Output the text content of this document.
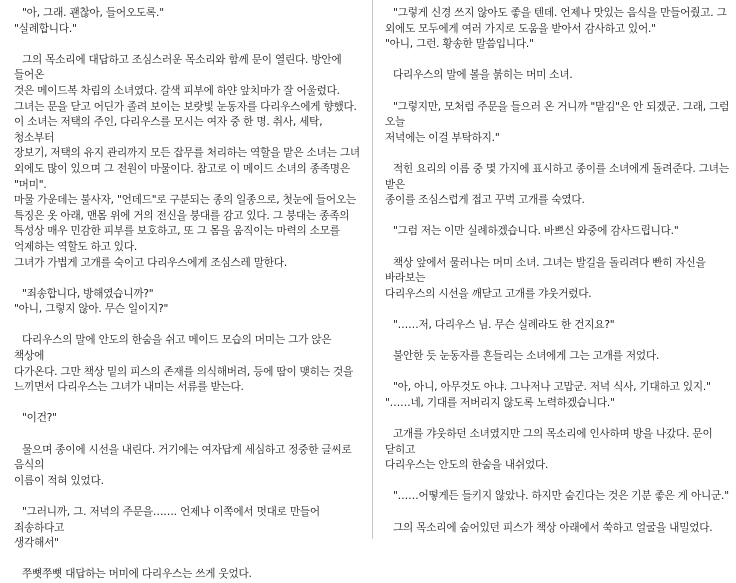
"아, 그래. 괜찮아, 들어오도록."
"실례합니다."

그의 목소리에 대답하고 조심스러운 목소리와 함께 문이 열린다. 방안에 들어온
것은 메이드복 차림의 소녀였다. 갈색 피부에 하얀 앞치마가 잘 어울렸다.
그녀는 문을 닫고 어딘가 졸려 보이는 보랏빛 눈동자를 다리우스에게 향했다.
이 소녀는 저택의 주인, 다리우스를 모시는 여자 중 한 명. 취사, 세탁, 청소부터
장보기, 저택의 유지 관리까지 모든 잡무를 처리하는 역할을 맡은 소녀는 그녀
외에도 많이 있으며 그 전원이 마물이다. 참고로 이 메이드 소녀의 종족명은 "머미".
마물 가운데는 불사자, "언데드"로 구분되는 종의 일종으로, 첫눈에 들어오는
특징은 옷 아래, 맨몸 위에 거의 전신을 붕대를 감고 있다. 그 붕대는 종족의
특성상 매우 민감한 피부를 보호하고, 또 그 몸을 움직이는 마력의 소모를
억제하는 역할도 하고 있다.
그녀가 가볍게 고개를 숙이고 다리우스에게 조심스레 말한다.

"죄송합니다, 방해였습니까?"
"아니, 그렇지 않아. 무슨 일이지?"

다리우스의 말에 안도의 한숨을 쉬고 메이드 모습의 머미는 그가 앉은 책상에
다가온다. 그만 책상 밑의 피스의 존재를 의식해버려, 등에 땀이 맺히는 것을
느끼면서 다리우스는 그녀가 내미는 서류를 받는다.

"이건?"

물으며 종이에 시선을 내린다. 거기에는 여자답게 세심하고 정중한 글씨로 음식의
이름이 적혀 있었다.

"그러니까, 그. 저녁의 주문을……. 언제나 이쪽에서 멋대로 만들어 죄송하다고
생각해서"

쭈뼛쭈뼛 대답하는 머미에 다리우스는 쓰게 웃었다.

"그렇게 신경 쓰지 않아도 좋을 텐데. 언제나 맛있는 음식을 만들어줬고. 그
외에도 모두에게 여러 가지로 도움을 받아서 감사하고 있어."
"아니, 그런. 황송한 말씀입니다."

다리우스의 말에 볼을 붉히는 머미 소녀.

"그렇지만, 모처럼 주문을 들으러 온 거니까 "맡김"은 안 되겠군. 그래, 그럼 오늘
저녁에는 이걸 부탁하지."

적힌 요리의 이름 중 몇 가지에 표시하고 종이를 소녀에게 돌려준다. 그녀는 받은
종이를 조심스럽게 접고 꾸벅 고개를 숙였다.

"그럼 저는 이만 실례하겠습니다. 바쁘신 와중에 감사드립니다."

책상 앞에서 물러나는 머미 소녀. 그녀는 발길을 돌리려다 빤히 자신을 바라보는
다리우스의 시선을 깨닫고 고개를 갸웃거렸다.

"……저, 다리우스 님. 무슨 실례라도 한 건지요?"

불안한 듯 눈동자를 흔들리는 소녀에게 그는 고개를 저었다.

"아, 아니, 아무것도 아냐. 그나저나 고맙군. 저녁 식사, 기대하고 있지."
"……네, 기대를 저버리지 않도록 노력하겠습니다."

고개를 갸웃하던 소녀였지만 그의 목소리에 인사하며 방을 나갔다. 문이 닫히고
다리우스는 안도의 한숨을 내쉬었다.

"……어떻게든 들키지 않았나. 하지만 숨긴다는 것은 기분 좋은 게 아니군."

그의 목소리에 숨어있던 피스가 책상 아래에서 쑥하고 얼굴을 내밀었다.
